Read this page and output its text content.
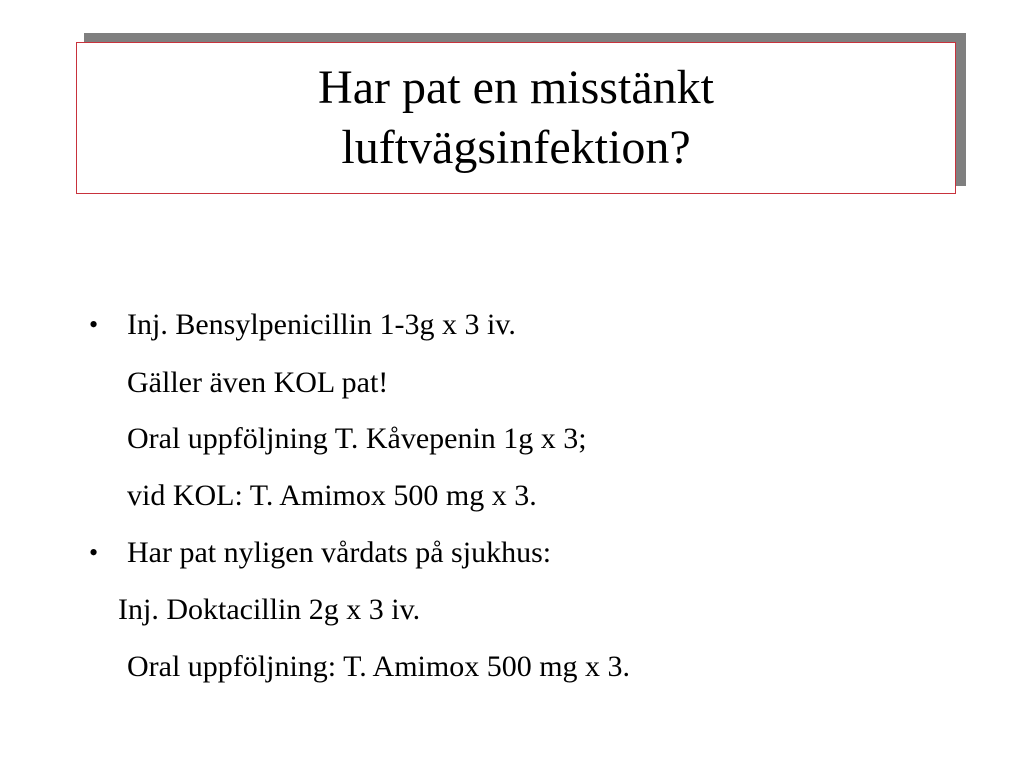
Har pat en misstänkt
luftvägsinfektion?
• Inj. Bensylpenicillin 1-3g x 3 iv.
Gäller även KOL pat!
Oral uppföljning T. Kåvepenin 1g x 3;
vid KOL: T. Amimox 500 mg x 3.
• Har pat nyligen vårdats på sjukhus:
Inj. Doktacillin 2g x 3 iv.
Oral uppföljning: T. Amimox 500 mg x 3.
